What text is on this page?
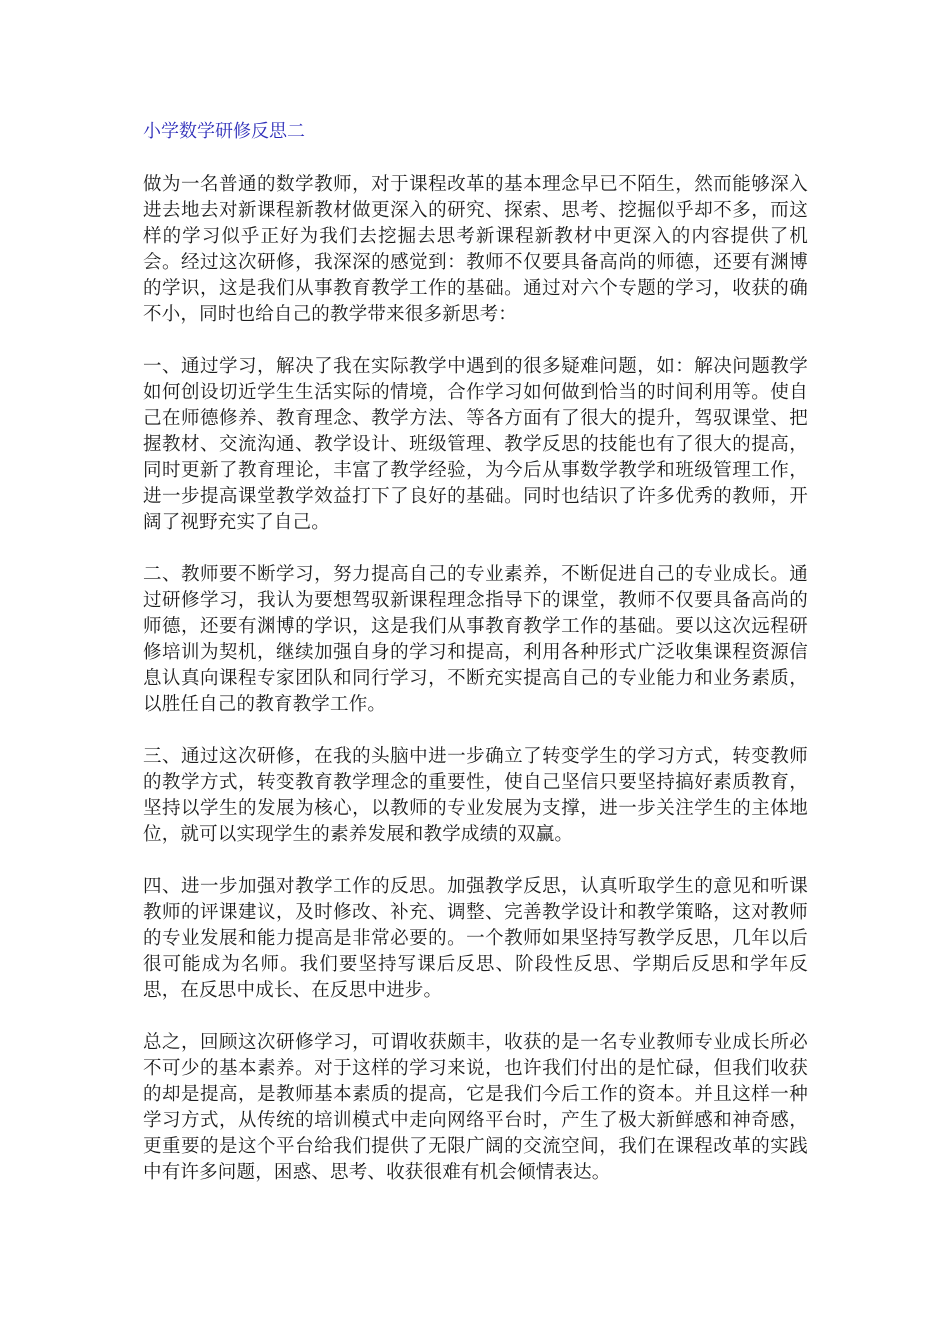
小学数学研修反思二

做为一名普通的数学教师，对于课程改革的基本理念早已不陌生，然而能够深入进去地去对新课程新教材做更深入的研究、探索、思考、挖掘似乎却不多，而这样的学习似乎正好为我们去挖掘去思考新课程新教材中更深入的内容提供了机会。经过这次研修，我深深的感觉到：教师不仅要具备高尚的师德，还要有渊博的学识，这是我们从事教育教学工作的基础。通过对六个专题的学习，收获的确不小，同时也给自己的教学带来很多新思考：

一、通过学习，解决了我在实际教学中遇到的很多疑难问题，如：解决问题教学如何创设切近学生生活实际的情境，合作学习如何做到恰当的时间利用等。使自己在师德修养、教育理念、教学方法、等各方面有了很大的提升，驾驭课堂、把握教材、交流沟通、教学设计、班级管理、教学反思的技能也有了很大的提高，同时更新了教育理论，丰富了教学经验，为今后从事数学教学和班级管理工作，进一步提高课堂教学效益打下了良好的基础。同时也结识了许多优秀的教师，开阔了视野充实了自己。

二、教师要不断学习，努力提高自己的专业素养，不断促进自己的专业成长。通过研修学习，我认为要想驾驭新课程理念指导下的课堂，教师不仅要具备高尚的师德，还要有渊博的学识，这是我们从事教育教学工作的基础。要以这次远程研修培训为契机，继续加强自身的学习和提高，利用各种形式广泛收集课程资源信息认真向课程专家团队和同行学习，不断充实提高自己的专业能力和业务素质，以胜任自己的教育教学工作。

三、通过这次研修，在我的头脑中进一步确立了转变学生的学习方式，转变教师的教学方式，转变教育教学理念的重要性，使自己坚信只要坚持搞好素质教育，坚持以学生的发展为核心，以教师的专业发展为支撑，进一步关注学生的主体地位，就可以实现学生的素养发展和教学成绩的双赢。

四、进一步加强对教学工作的反思。加强教学反思，认真听取学生的意见和听课教师的评课建议，及时修改、补充、调整、完善教学设计和教学策略，这对教师的专业发展和能力提高是非常必要的。一个教师如果坚持写教学反思，几年以后很可能成为名师。我们要坚持写课后反思、阶段性反思、学期后反思和学年反思，在反思中成长、在反思中进步。

总之，回顾这次研修学习，可谓收获颇丰，收获的是一名专业教师专业成长所必不可少的基本素养。对于这样的学习来说，也许我们付出的是忙碌，但我们收获的却是提高，是教师基本素质的提高，它是我们今后工作的资本。并且这样一种学习方式，从传统的培训模式中走向网络平台时，产生了极大新鲜感和神奇感，更重要的是这个平台给我们提供了无限广阔的交流空间，我们在课程改革的实践中有许多问题，困惑、思考、收获很难有机会倾情表达。
